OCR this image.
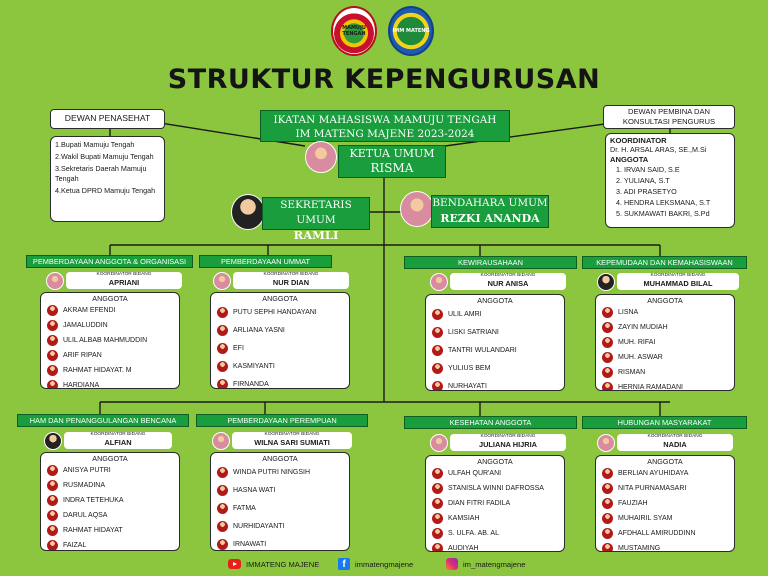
MAMUJU TENGAH	IMM MATENG
STRUKTUR KEPENGURUSAN
IKATAN MAHASISWA MAMUJU TENGAH
IM MATENG MAJENE 2023-2024
DEWAN PENASEHAT
1.Bupati Mamuju Tengah
2.Wakil Bupati Mamuju Tengah
3.Sekretaris Daerah Mamuju Tengah
4.Ketua DPRD Mamuju Tengah
DEWAN PEMBINA DAN KONSULTASI PENGURUS
KOORDINATOR
Dr. H. ARSAL ARAS, SE.,M.Si
ANGGOTA
1. IRVAN SAID, S.E
2. YULIANA, S.T
3. ADI PRASETYO
4. HENDRA LEKSMANA, S.T
5. SUKMAWATI BAKRI, S.Pd
KETUA UMUM
RISMA
SEKRETARIS UMUM
RAMLI
BENDAHARA UMUM
REZKI ANANDA
PEMBERDAYAAN ANGGOTA & ORGANISASI
KOORDINATOR BIDANG
APRIANI
ANGGOTA
AKRAM EFENDI
JAMALUDDIN
ULIL ALBAB MAHMUDDIN
ARIF RIPAN
RAHMAT HIDAYAT. M
HARDIANA
PEMBERDAYAAN UMMAT
KOORDINATOR BIDANG
NUR DIAN
ANGGOTA
PUTU SEPHI HANDAYANI
ARLIANA YASNI
EFI
KASMIYANTI
FIRNANDA
KEWIRAUSAHAAN
KOORDINATOR BIDANG
NUR ANISA
ANGGOTA
ULIL AMRI
LISKI SATRIANI
TANTRI WULANDARI
YULIUS BEM
NURHAYATI
KEPEMUDAAN DAN KEMAHASISWAAN
KOORDINATOR BIDANG
MUHAMMAD BILAL
ANGGOTA
LISNA
ZAYIN MUDIAH
MUH. RIFAI
MUH. ASWAR
RISMAN
HERNIA RAMADANI
HAM DAN PENANGGULANGAN BENCANA
KOORDINATOR BIDANG
ALFIAN
ANGGOTA
ANISYA PUTRI
RUSMADINA
INDRA TETEHUKA
DARUL AQSA
RAHMAT HIDAYAT
FAIZAL
PEMBERDAYAAN PEREMPUAN
KOORDINATOR BIDANG
WILNA SARI SUMIATI
ANGGOTA
WINDA PUTRI NINGSIH
HASNA WATI
FATMA
NURHIDAYANTI
IRNAWATI
KESEHATAN ANGGOTA
KOORDINATOR BIDANG
JULIANA HIJRIA
ANGGOTA
ULFAH QUR'ANI
STANISLA WINNI DAFROSSA
DIAN FITRI FADILA
KAMSIAH
S. ULFA. AB. AL
AUDIYAH
HUBUNGAN MASYARAKAT
KOORDINATOR BIDANG
NADIA
ANGGOTA
BERLIAN AYUHIDAYA
NITA PURNAMASARI
FAUZIAH
MUHAIRIL SYAM
AFDHALL AMIRUDDINN
MUSTAMING
IMMATENG MAJENE	f	immatengmajene	im_matengmajene
